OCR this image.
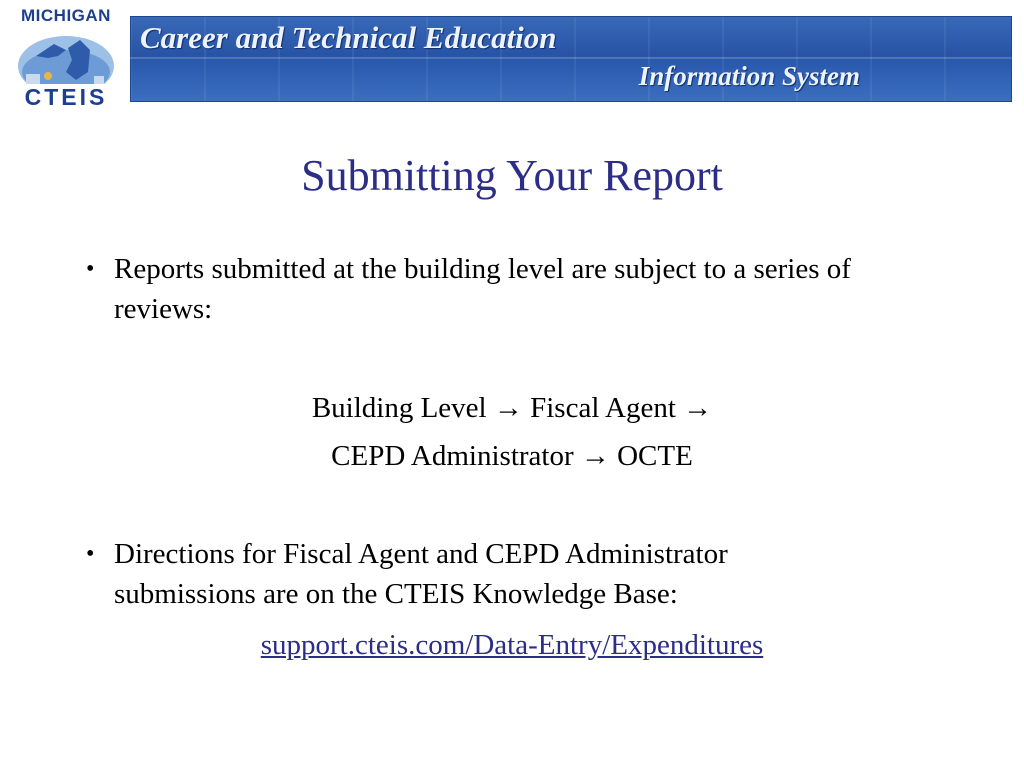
MICHIGAN
CTEIS
Career and Technical Education
Information System
Submitting Your Report
• Reports submitted at the building level are subject to a series of reviews:
Building Level → Fiscal Agent →
CEPD Administrator → OCTE
• Directions for Fiscal Agent and CEPD Administrator submissions are on the CTEIS Knowledge Base:
support.cteis.com/Data-Entry/Expenditures
